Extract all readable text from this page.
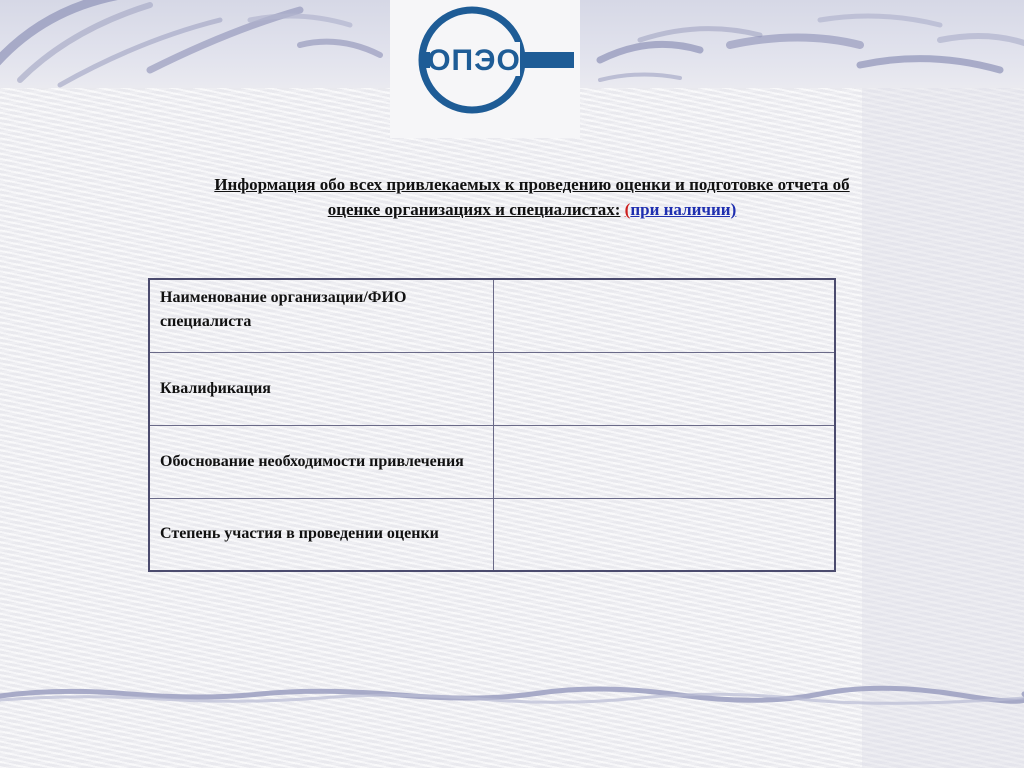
ОПЭО
Информация обо всех привлекаемых к проведению оценки и подготовке отчета об
оценке организациях и специалистах: (при наличии)
Наименование организации/ФИО специалиста	
Квалификация	
Обоснование необходимости привлечения	
Степень участия в проведении оценки	
